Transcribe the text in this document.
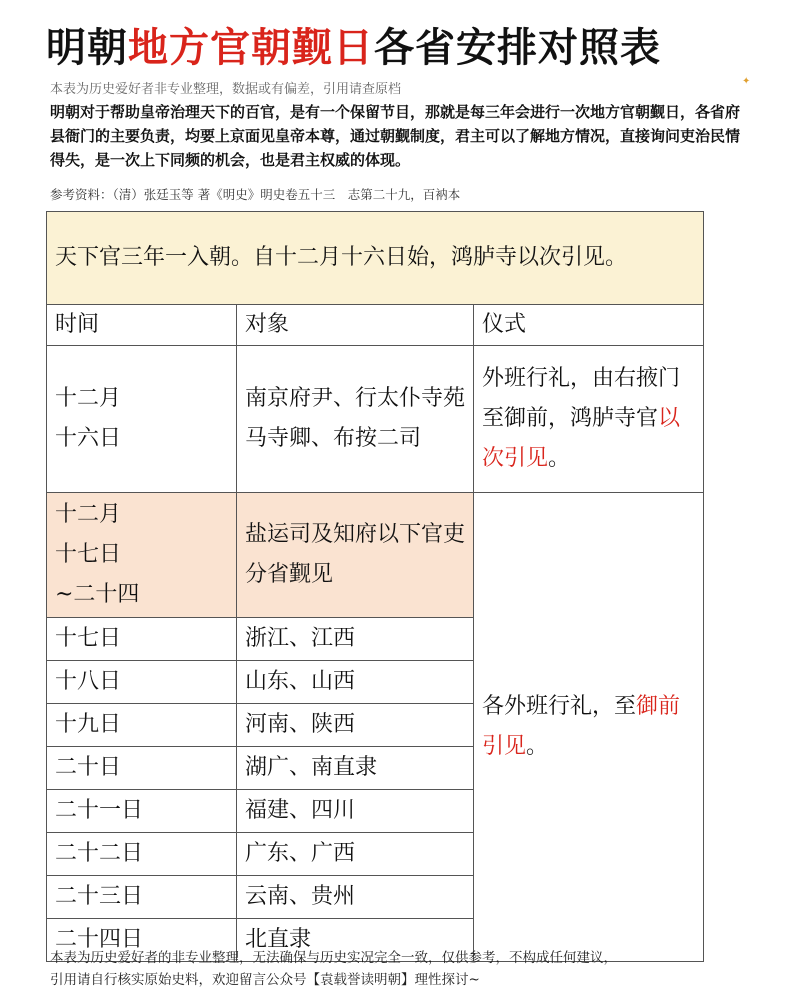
明朝地方官朝觐日各省安排对照表
本表为历史爱好者非专业整理，数据或有偏差，引用请查原档
✦
明朝对于帮助皇帝治理天下的百官，是有一个保留节目，那就是每三年会进行一次地方官朝觐日，各省府县衙门的主要负责，均要上京面见皇帝本尊，通过朝觐制度，君主可以了解地方情况，直接询问吏治民情得失，是一次上下同频的机会，也是君主权威的体现。
参考资料：（清）张廷玉等 著《明史》明史卷五十三　志第二十九，百衲本
天下官三年一入朝。自十二月十六日始，鸿胪寺以次引见。		
时间	对象	仪式

十二月
十六日	南京府尹、行太仆寺苑马寺卿、布按二司	外班行礼，由右掖门至御前，鸿胪寺官以次引见。

十二月
十七日
~二十四	盐运司及知府以下官吏分省觐见	各外班行礼，至御前引见。
十七日	浙江、江西	
十八日	山东、山西	
十九日	河南、陕西	
二十日	湖广、南直隶	
二十一日	福建、四川	
二十二日	广东、广西	
二十三日	云南、贵州	
二十四日	北直隶	
本表为历史爱好者的非专业整理，无法确保与历史实况完全一致，仅供参考，不构成任何建议，
引用请自行核实原始史料，欢迎留言公众号【袁载誉读明朝】理性探讨~
